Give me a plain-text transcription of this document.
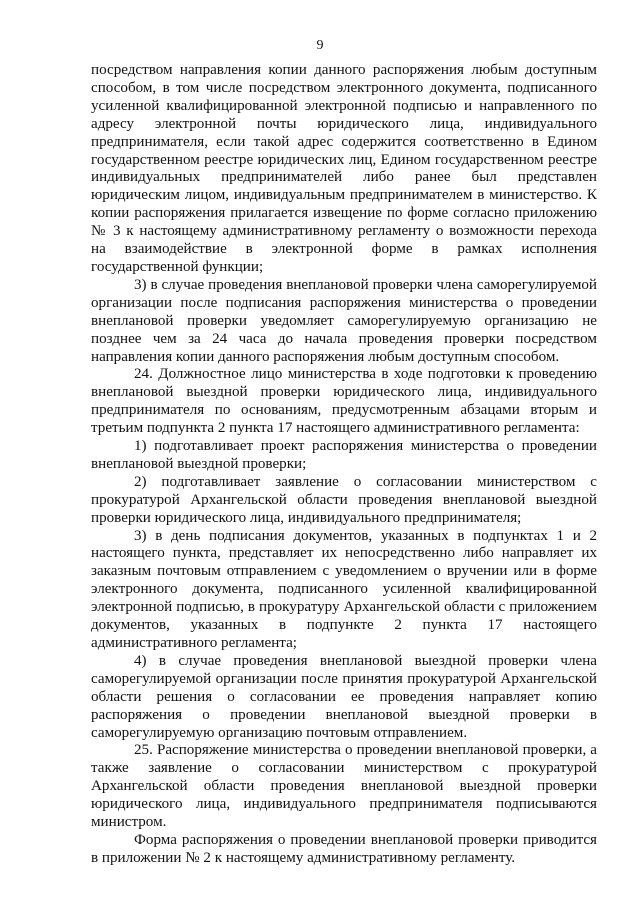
9

посредством направления копии данного распоряжения любым доступным способом, в том числе посредством электронного документа, подписанного усиленной квалифицированной электронной подписью и направленного по адресу электронной почты юридического лица, индивидуального предпринимателя, если такой адрес содержится соответственно в Едином государственном реестре юридических лиц, Едином государственном реестре индивидуальных предпринимателей либо ранее был представлен юридическим лицом, индивидуальным предпринимателем в министерство. К копии распоряжения прилагается извещение по форме согласно приложению № 3 к настоящему административному регламенту о возможности перехода на взаимодействие в электронной форме в рамках исполнения государственной функции;

3) в случае проведения внеплановой проверки члена саморегулируемой организации после подписания распоряжения министерства о проведении внеплановой проверки уведомляет саморегулируемую организацию не позднее чем за 24 часа до начала проведения проверки посредством направления копии данного распоряжения любым доступным способом.

24. Должностное лицо министерства в ходе подготовки к проведению внеплановой выездной проверки юридического лица, индивидуального предпринимателя по основаниям, предусмотренным абзацами вторым и третьим подпункта 2 пункта 17 настоящего административного регламента:

1) подготавливает проект распоряжения министерства о проведении внеплановой выездной проверки;

2) подготавливает заявление о согласовании министерством с прокуратурой Архангельской области проведения внеплановой выездной проверки юридического лица, индивидуального предпринимателя;

3) в день подписания документов, указанных в подпунктах 1 и 2 настоящего пункта, представляет их непосредственно либо направляет их заказным почтовым отправлением с уведомлением о вручении или в форме электронного документа, подписанного усиленной квалифицированной электронной подписью, в прокуратуру Архангельской области с приложением документов, указанных в подпункте 2 пункта 17 настоящего административного регламента;

4) в случае проведения внеплановой выездной проверки члена саморегулируемой организации после принятия прокуратурой Архангельской области решения о согласовании ее проведения направляет копию распоряжения о проведении внеплановой выездной проверки в саморегулируемую организацию почтовым отправлением.

25. Распоряжение министерства о проведении внеплановой проверки, а также заявление о согласовании министерством с прокуратурой Архангельской области проведения внеплановой выездной проверки юридического лица, индивидуального предпринимателя подписываются министром.

Форма распоряжения о проведении внеплановой проверки приводится в приложении № 2 к настоящему административному регламенту.
